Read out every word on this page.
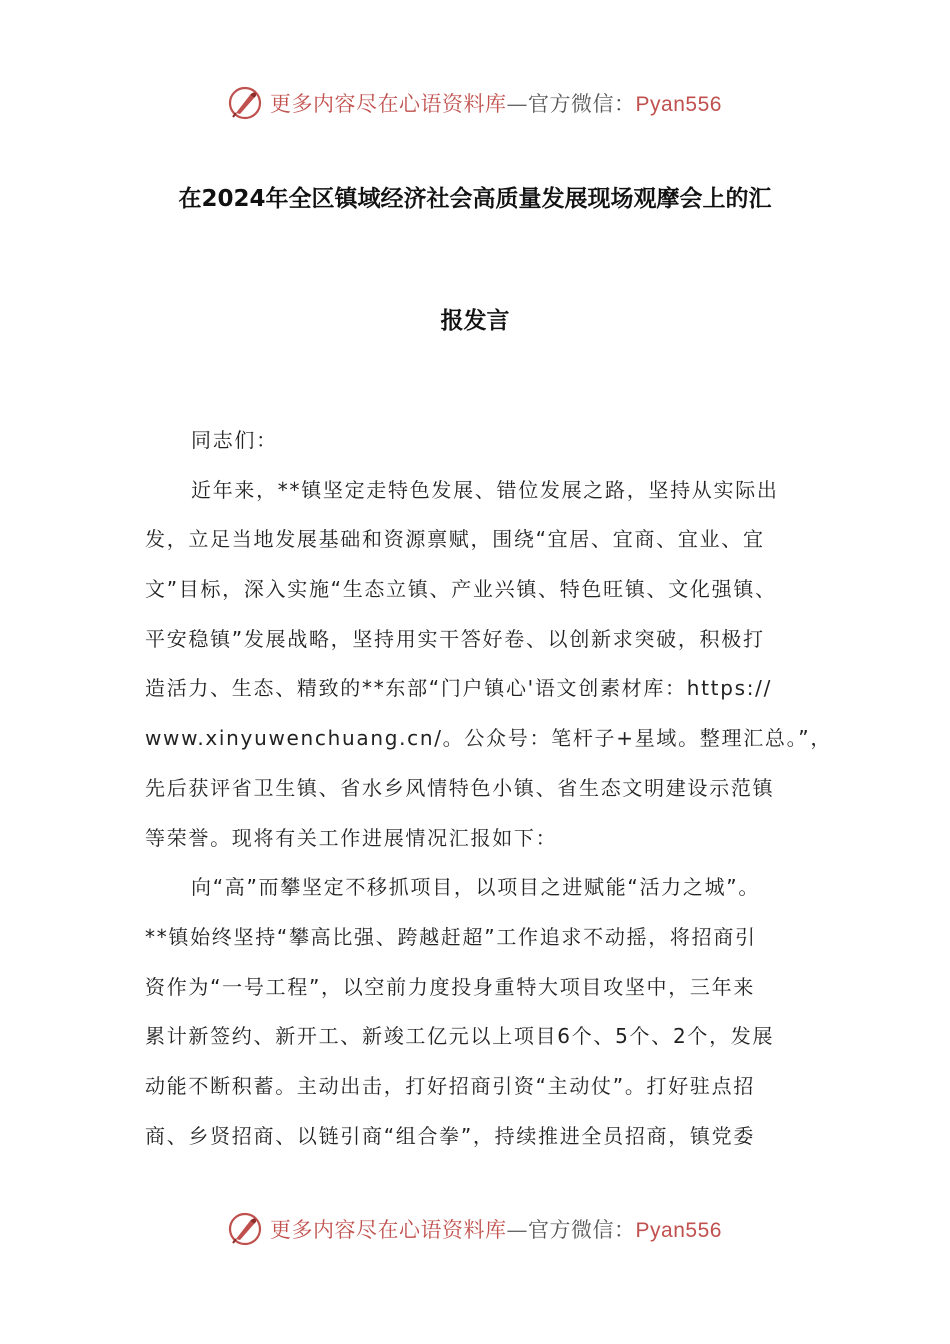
更多内容尽在心语资料库—官方微信：Pyan556
在2024年全区镇域经济社会高质量发展现场观摩会上的汇
报发言
同志们：
近年来，**镇坚定走特色发展、错位发展之路，坚持从实际出
发，立足当地发展基础和资源禀赋，围绕“宜居、宜商、宜业、宜
文”目标，深入实施“生态立镇、产业兴镇、特色旺镇、文化强镇、
平安稳镇”发展战略，坚持用实干答好卷、以创新求突破，积极打
造活力、生态、精致的**东部“门户镇心'语文创素材库：https://
www.xinyuwenchuang.cn/。公众号：笔杆子+星域。整理汇总。”，
先后获评省卫生镇、省水乡风情特色小镇、省生态文明建设示范镇
等荣誉。现将有关工作进展情况汇报如下：
向“高”而攀坚定不移抓项目，以项目之进赋能“活力之城”。
**镇始终坚持“攀高比强、跨越赶超”工作追求不动摇，将招商引
资作为“一号工程”，以空前力度投身重特大项目攻坚中，三年来
累计新签约、新开工、新竣工亿元以上项目6个、5个、2个，发展
动能不断积蓄。主动出击，打好招商引资“主动仗”。打好驻点招
商、乡贤招商、以链引商“组合拳”，持续推进全员招商，镇党委
更多内容尽在心语资料库—官方微信：Pyan556
